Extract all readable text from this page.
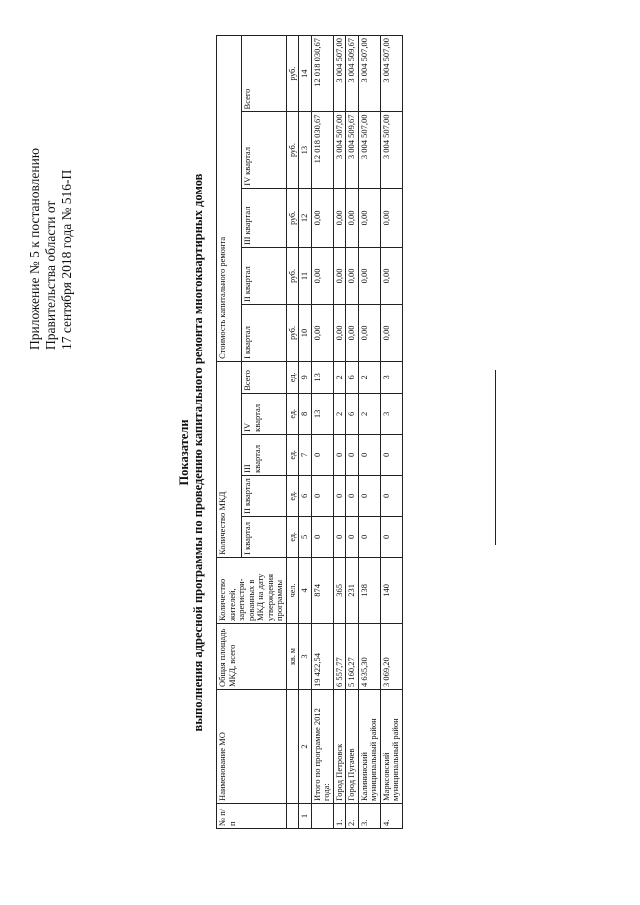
Приложение № 5 к постановлению Правительства области от 17 сентября 2018 года № 516-П
Показатели выполнения адресной программы по проведению капитального ремонта многоквартирных домов
№ п/п	Наименование МО	Общая площадь МКД, всего	Количество жителей, зарегистри-рованных в МКД на дату утверждения программы	Количество МКД					Стоимость капитального ремонта				
				I квартал	II квартал	III квартал	IV квартал	Всего	I квартал	II квартал	III квартал	IV квартал	Всего
		кв. м	чел.	ед.	ед.	ед.	ед.	ед.	руб.	руб.	руб.	руб.	руб.
1	2	3	4	5	6	7	8	9	10	11	12	13	14
	Итого по программе 2012 года:	19 422,54	874	0	0	0	13	13	0,00	0,00	0,00	12 018 030,67	12 018 030,67
1.	Город Петровск	6 557,77	365	0	0	0	2	2	0,00	0,00	0,00	3 004 507,00	3 004 507,00
2.	Город Пугачев	5 160,27	231	0	0	0	6	6	0,00	0,00	0,00	3 004 509,67	3 004 509,67
3.	Калининский муниципальный район	4 635,30	138	0	0	0	2	2	0,00	0,00	0,00	3 004 507,00	3 004 507,00
4.	Марксовский муниципальный район	3 069,20	140	0	0	0	3	3	0,00	0,00	0,00	3 004 507,00	3 004 507,00
